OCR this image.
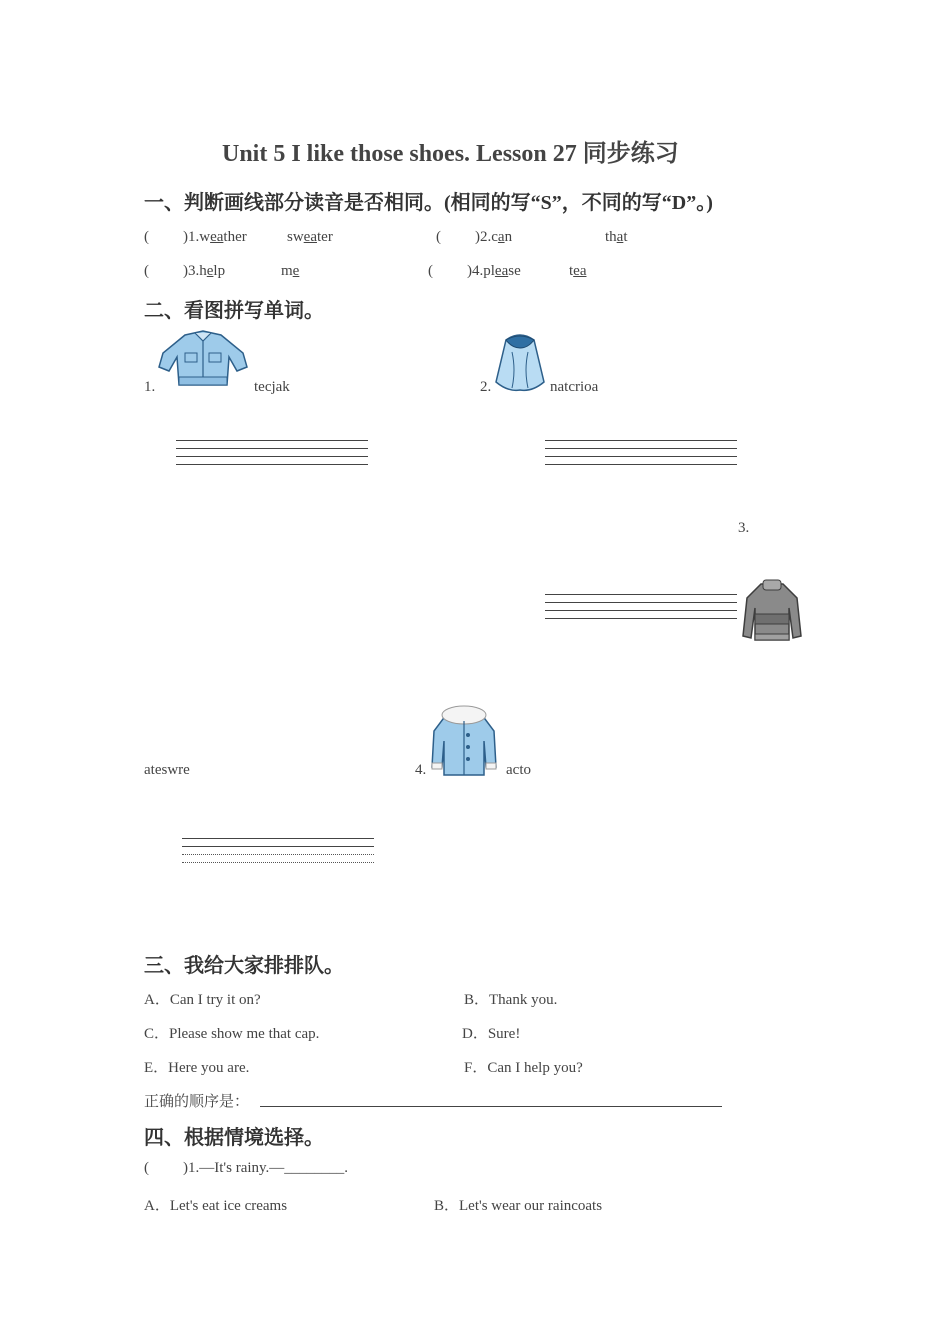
Unit 5 I like those shoes. Lesson 27 同步练习
一、判断画线部分读音是否相同。(相同的写“S”，不同的写“D”。)
( )1.weather	sweater	( )2.can	that
( )3.help	me	( )4.please	tea
二、看图拼写单词。
1.	tecjak	2.	natcrioa
3.
ateswre	4.	acto
三、我给大家排排队。
A．Can I try it on?	B．Thank you.
C．Please show me that cap.	D．Sure!
E．Here you are.	F．Can I help you?
正确的顺序是：
四、根据情境选择。
( )1.—It's rainy.—________.
A．Let's eat ice creams	B．Let's wear our raincoats
